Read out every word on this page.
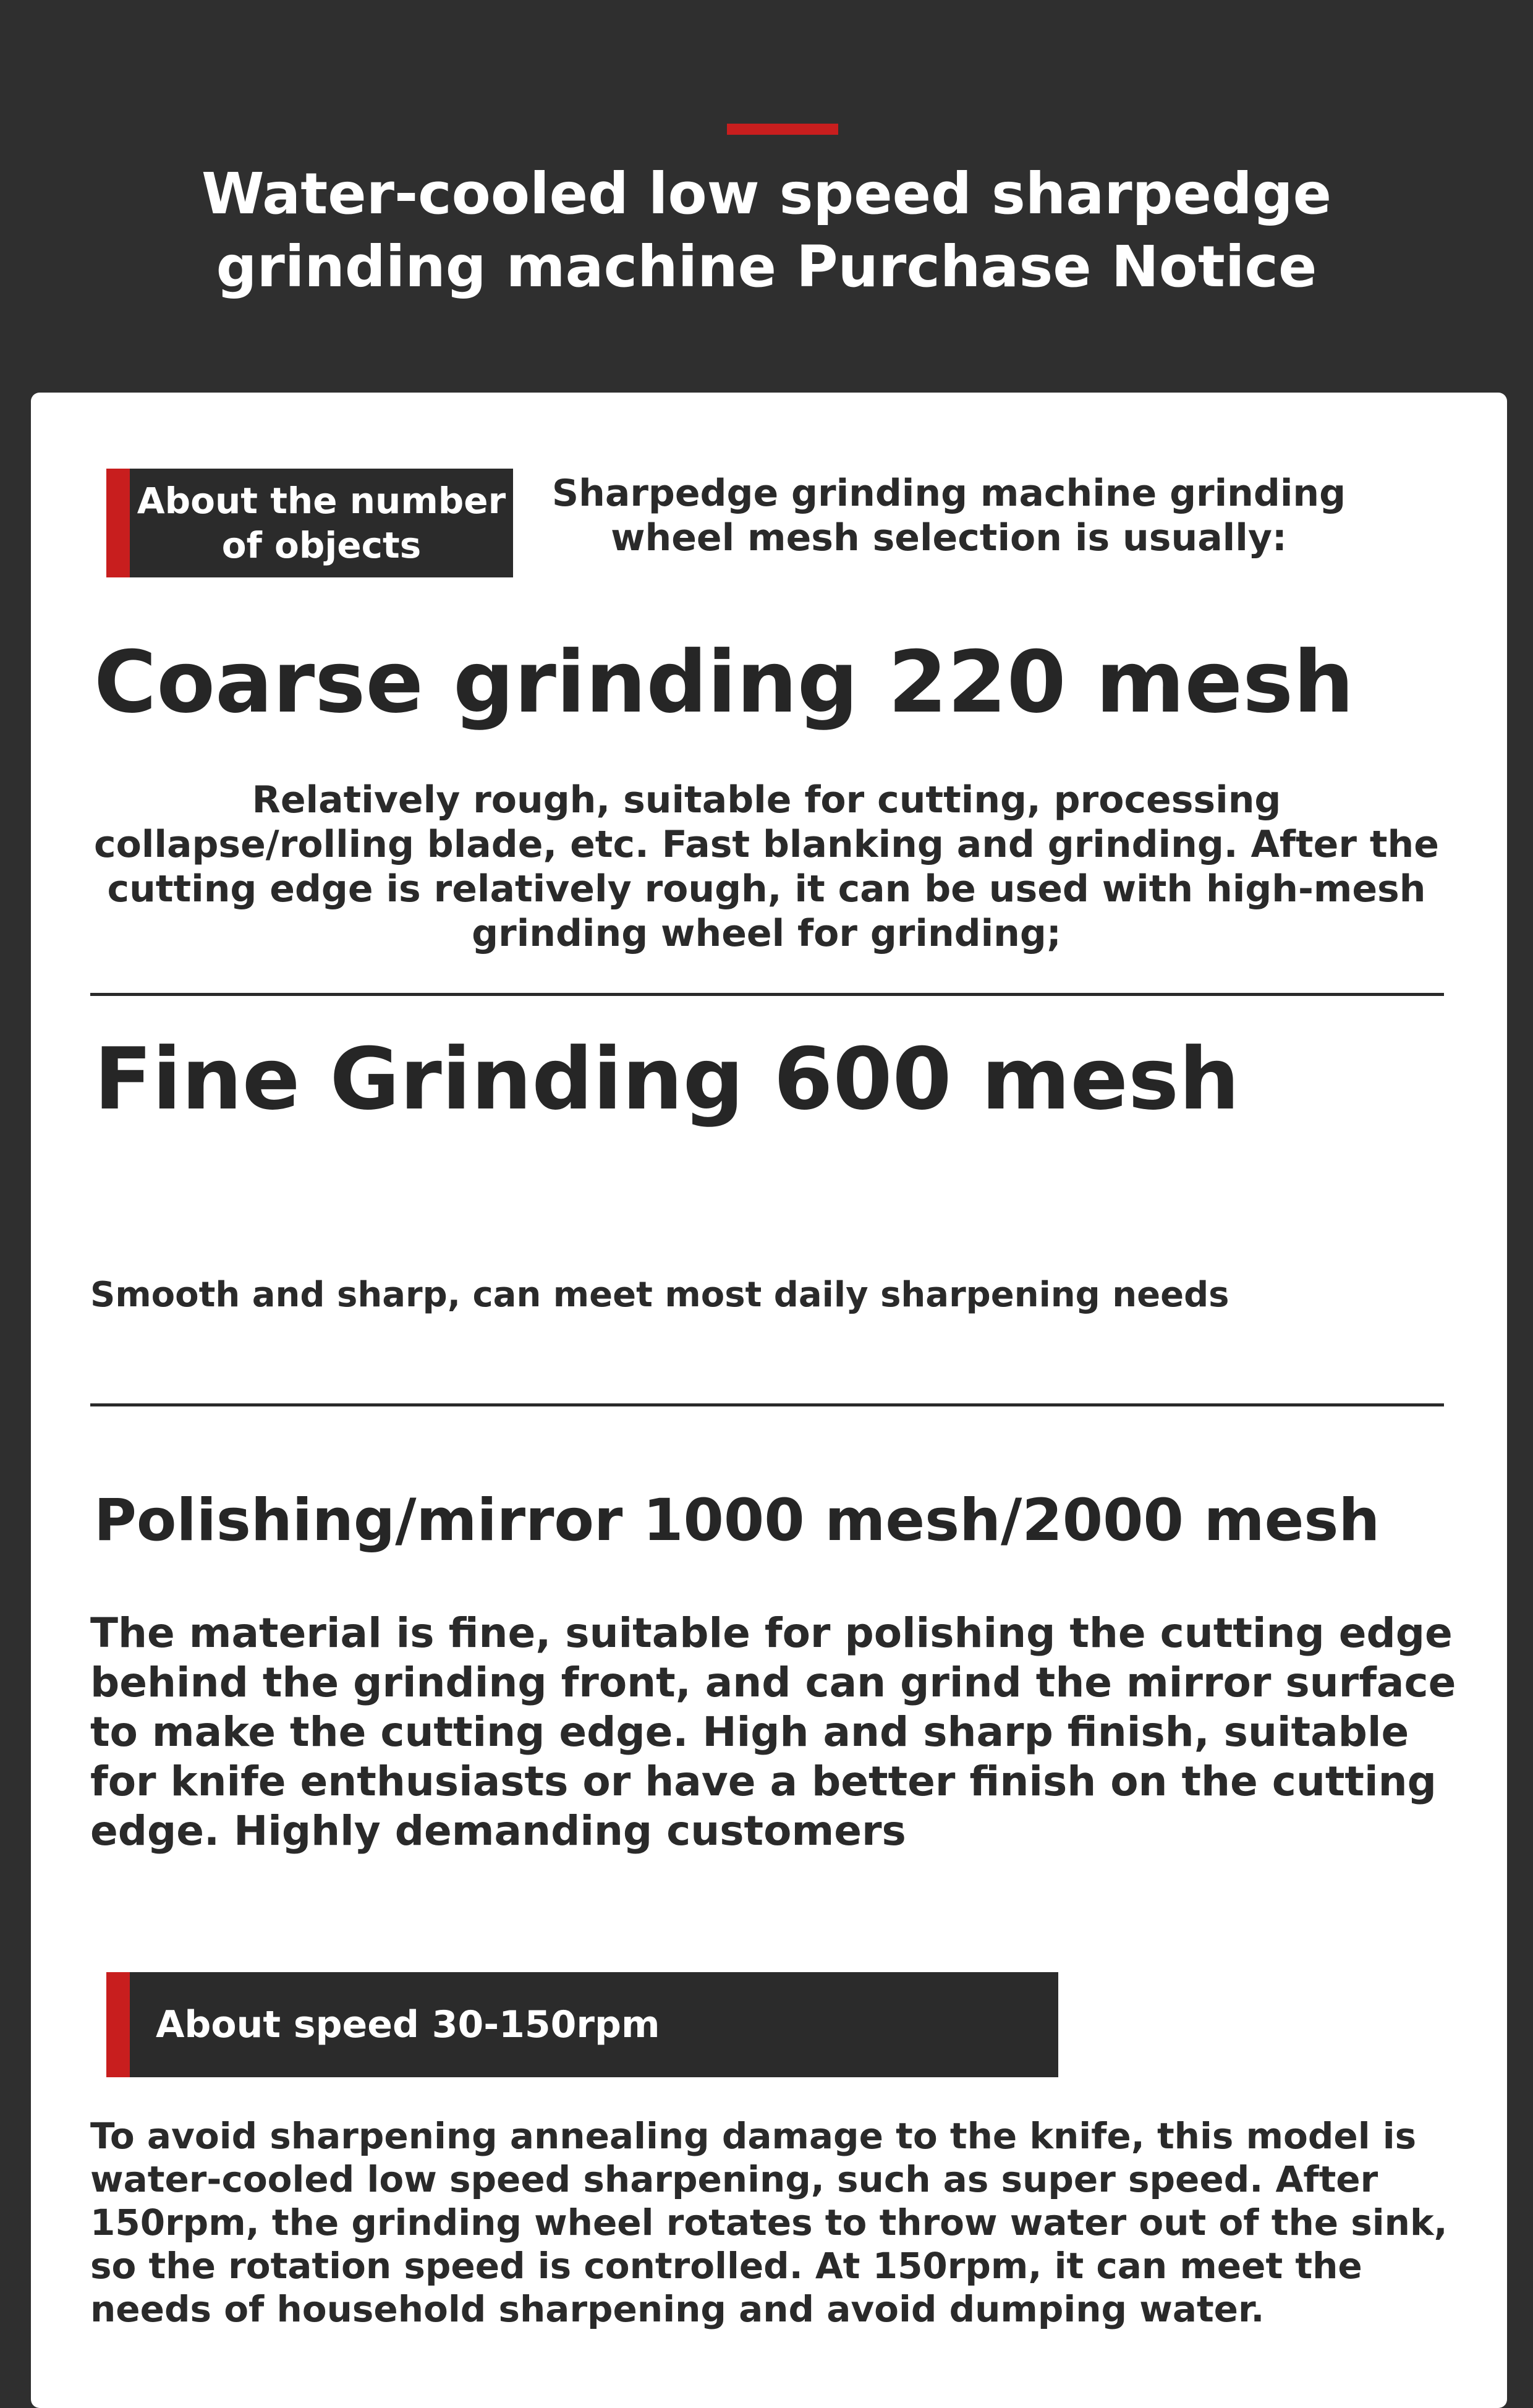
Water-cooled low speed sharpedge grinding machine Purchase Notice
About the number of objects
Sharpedge grinding machine grinding wheel mesh selection is usually:
Coarse grinding 220 mesh
Relatively rough, suitable for cutting, processing collapse/rolling blade, etc. Fast blanking and grinding. After the cutting edge is relatively rough, it can be used with high-mesh grinding wheel for grinding;
Fine Grinding 600 mesh
Smooth and sharp, can meet most daily sharpening needs
Polishing/mirror 1000 mesh/2000 mesh
The material is fine, suitable for polishing the cutting edge behind the grinding front, and can grind the mirror surface to make the cutting edge. High and sharp finish, suitable for knife enthusiasts or have a better finish on the cutting edge. Highly demanding customers
About speed 30-150rpm
To avoid sharpening annealing damage to the knife, this model is water-cooled low speed sharpening, such as super speed. After 150rpm, the grinding wheel rotates to throw water out of the sink, so the rotation speed is controlled. At 150rpm, it can meet the needs of household sharpening and avoid dumping water.
